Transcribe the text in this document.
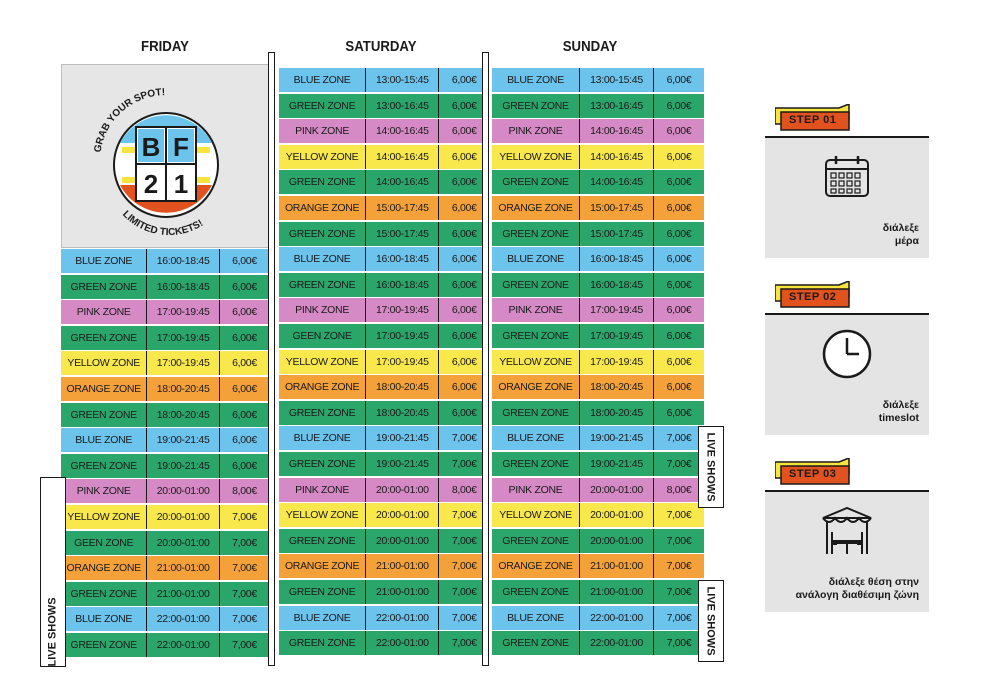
FRIDAY	SATURDAY	SUNDAY
B F
2 1
GRAB YOUR SPOT!
LIMITED TICKETS!
BLUE ZONE	16:00-18:45	6,00€
GREEN ZONE	16:00-18:45	6,00€
PINK ZONE	17:00-19:45	6,00€
GREEN ZONE	17:00-19:45	6,00€
YELLOW ZONE	17:00-19:45	6,00€
ORANGE ZONE	18:00-20:45	6,00€
GREEN ZONE	18:00-20:45	6,00€
BLUE ZONE	19:00-21:45	6,00€
GREEN ZONE	19:00-21:45	6,00€
PINK ZONE	20:00-01:00	8,00€
YELLOW ZONE	20:00-01:00	7,00€
GEEN ZONE	20:00-01:00	7,00€
ORANGE ZONE	21:00-01:00	7,00€
GREEN ZONE	21:00-01:00	7,00€
BLUE ZONE	22:00-01:00	7,00€
GREEN ZONE	22:00-01:00	7,00€
BLUE ZONE	13:00-15:45	6,00€
GREEN ZONE	13:00-16:45	6,00€
PINK ZONE	14:00-16:45	6,00€
YELLOW ZONE	14:00-16:45	6,00€
GREEN ZONE	14:00-16:45	6,00€
ORANGE ZONE	15:00-17:45	6,00€
GREEN ZONE	15:00-17:45	6,00€
BLUE ZONE	16:00-18:45	6,00€
GREEN ZONE	16:00-18:45	6,00€
PINK ZONE	17:00-19:45	6,00€
GEEN ZONE	17:00-19:45	6,00€
YELLOW ZONE	17:00-19:45	6,00€
ORANGE ZONE	18:00-20:45	6,00€
GREEN ZONE	18:00-20:45	6,00€
BLUE ZONE	19:00-21:45	7,00€
GREEN ZONE	19:00-21:45	7,00€
PINK ZONE	20:00-01:00	8,00€
YELLOW ZONE	20:00-01:00	7,00€
GREEN ZONE	20:00-01:00	7,00€
ORANGE ZONE	21:00-01:00	7,00€
GREEN ZONE	21:00-01:00	7,00€
BLUE ZONE	22:00-01:00	7,00€
GREEN ZONE	22:00-01:00	7,00€
BLUE ZONE	13:00-15:45	6,00€
GREEN ZONE	13:00-16:45	6,00€
PINK ZONE	14:00-16:45	6,00€
YELLOW ZONE	14:00-16:45	6,00€
GREEN ZONE	14:00-16:45	6,00€
ORANGE ZONE	15:00-17:45	6,00€
GREEN ZONE	15:00-17:45	6,00€
BLUE ZONE	16:00-18:45	6,00€
GREEN ZONE	16:00-18:45	6,00€
PINK ZONE	17:00-19:45	6,00€
GREEN ZONE	17:00-19:45	6,00€
YELLOW ZONE	17:00-19:45	6,00€
ORANGE ZONE	18:00-20:45	6,00€
GREEN ZONE	18:00-20:45	6,00€
BLUE ZONE	19:00-21:45	7,00€
GREEN ZONE	19:00-21:45	7,00€
PINK ZONE	20:00-01:00	8,00€
YELLOW ZONE	20:00-01:00	7,00€
GREEN ZONE	20:00-01:00	7,00€
ORANGE ZONE	21:00-01:00	7,00€
GREEN ZONE	21:00-01:00	7,00€
BLUE ZONE	22:00-01:00	7,00€
GREEN ZONE	22:00-01:00	7,00€
LIVE SHOWS
LIVE SHOWS
LIVE SHOWS
STEP 01
STEP 02
STEP 03
διάλεξε
μέρα
διάλεξε
timeslot
διάλεξε θέση στην
ανάλογη διαθέσιμη ζώνη
